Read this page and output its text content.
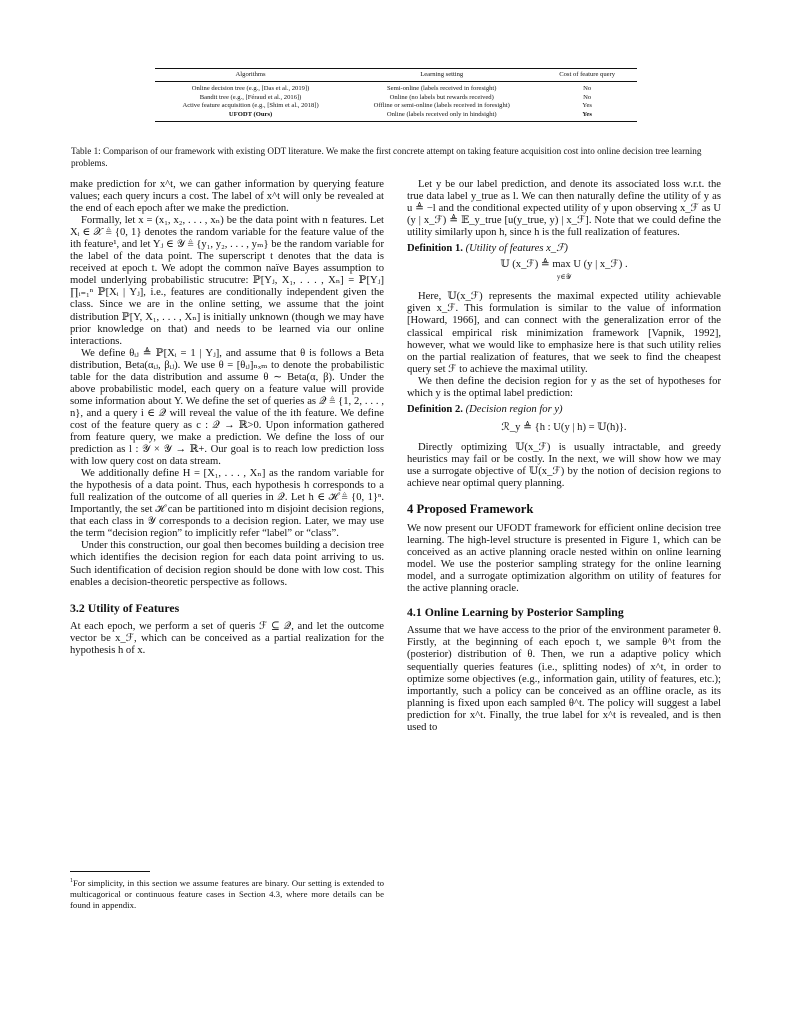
Algorithms	Learning setting	Cost of feature query
Online decision tree (e.g., [Das et al., 2019])	Semi-online (labels received in foresight)	No
Bandit tree (e.g., [Féraud et al., 2016])	Online (no labels but rewards received)	No
Active feature acquisition (e.g., [Shim et al., 2018])	Offline or semi-online (labels received in foresight)	Yes
UFODT (Ours)	Online (labels received only in hindsight)	Yes
Table 1: Comparison of our framework with existing ODT literature. We make the first concrete attempt on taking feature acquisition cost into online decision tree learning problems.

make prediction for x^t, we can gather information by querying feature values; each query incurs a cost. The label of x^t will only be revealed at the end of each epoch after we make the prediction.

Formally, let x = (x₁, x₂, . . . , xₙ) be the data point with n features. Let Xᵢ ∈ 𝒳 ≜ {0, 1} denotes the random variable for the feature value of the ith feature¹, and let Yⱼ ∈ 𝒴 ≜ {y₁, y₂, . . . , yₘ} be the random variable for the label of the data point. The superscript t denotes that the data is received at epoch t. We adopt the common naïve Bayes assumption to model underlying probabilistic strucutre: ℙ[Yⱼ, X₁, . . . , Xₙ] = ℙ[Yⱼ] ∏ᵢ₌₁ⁿ ℙ[Xᵢ | Yⱼ], i.e., features are conditionally independent given the class. Since we are in the online setting, we assume that the joint distribution ℙ[Y, X₁, . . . , Xₙ] is initially unknown (though we may have prior knowledge on that) and needs to be learned via our online interactions.

We define θᵢⱼ ≜ ℙ[Xᵢ = 1 | Yⱼ], and assume that θ is follows a Beta distribution, Beta(αᵢⱼ, βᵢⱼ). We use θ = [θᵢⱼ]ₙₓₘ to denote the probabilistic table for the data distribution and assume θ ∼ Beta(α, β). Under the above probabilistic model, each query on a feature value will provide some information about Y. We define the set of queries as 𝒬 ≜ {1, 2, . . . , n}, and a query i ∈ 𝒬 will reveal the value of the ith feature. We define cost of the feature query as c : 𝒬 → ℝ>0. Upon information gathered from feature query, we make a prediction. We define the loss of our prediction as l : 𝒴 × 𝒴 → ℝ+. Our goal is to reach low prediction loss with low query cost on data stream.

We additionally define H = [X₁, . . . , Xₙ] as the random variable for the hypothesis of a data point. Thus, each hypothesis h corresponds to a full realization of the outcome of all queries in 𝒬. Let h ∈ ℋ ≜ {0, 1}ⁿ. Importantly, the set ℋ can be partitioned into m disjoint decision regions, that each class in 𝒴 corresponds to a decision region. Later, we may use the term “decision region” to implicitly refer “label” or “class”.

Under this construction, our goal then becomes building a decision tree which identifies the decision region for each data point arriving to us. Such identification of decision region should be done with low cost. This enables a decision-theoretic perspective as follows.

3.2 Utility of Features

At each epoch, we perform a set of queris ℱ ⊆ 𝒬, and let the outcome vector be x_ℱ, which can be conceived as a partial realization for the hypothesis h of x.

$^1$For simplicity, in this section we assume features are binary. Our setting is extended to multicagorical or continuous feature cases in Section 4.3, where more details can be found in appendix.

Let y be our label prediction, and denote its associated loss w.r.t. the true data label y_true as l. We can then naturally define the utility of y as u ≜ −l and the conditional expected utility of y upon observing x_ℱ as U (y | x_ℱ) ≜ 𝔼_y_true [u(y_true, y) | x_ℱ]. Note that we could define the utility similarly upon h, since h is the full realization of features.

Definition 1. (Utility of features x_ℱ)

𝕌 (x_ℱ) ≜ max U (y | x_ℱ) .

y∈𝒴

Here, 𝕌(x_ℱ) represents the maximal expected utility achievable given x_ℱ. This formulation is similar to the value of information [Howard, 1966], and can connect with the generalization error of the classical empirical risk minimization framework [Vapnik, 1992], however, what we would like to emphasize here is that such utility relies on the partial realization of features, that we seek to find the cheapest query set ℱ to achieve the maximal utility.

We then define the decision region for y as the set of hypotheses for which y is the optimal label prediction:

Definition 2. (Decision region for y)

ℛ_y ≜ {h : U(y | h) = 𝕌(h)}.

Directly optimizing 𝕌(x_ℱ) is usually intractable, and greedy heuristics may fail or be costly. In the next, we will show how we may use a surrogate objective of 𝕌(x_ℱ) by the notion of decision regions to achieve near optimal query planning.

4 Proposed Framework

We now present our UFODT framework for efficient online decision tree learning. The high-level structure is presented in Figure 1, which can be conceived as an active planning oracle nested within on online learning model. We use the posterior sampling strategy for the online learning model, and a surrogate optimization algorithm on utility of features for the active planning oracle.

4.1 Online Learning by Posterior Sampling

Assume that we have access to the prior of the environment parameter θ. Firstly, at the beginning of each epoch t, we sample θ^t from the (posterior) distribution of θ. Then, we run a adaptive policy which sequentially queries features (i.e., splitting nodes) of x^t, in order to optimize some objectives (e.g., information gain, utility of features, etc.); importantly, such a policy can be conceived as an offline oracle, as its planning is fixed upon each sampled θ^t. The policy will suggest a label prediction for x^t. Finally, the true label for x^t is revealed, and is then used to
